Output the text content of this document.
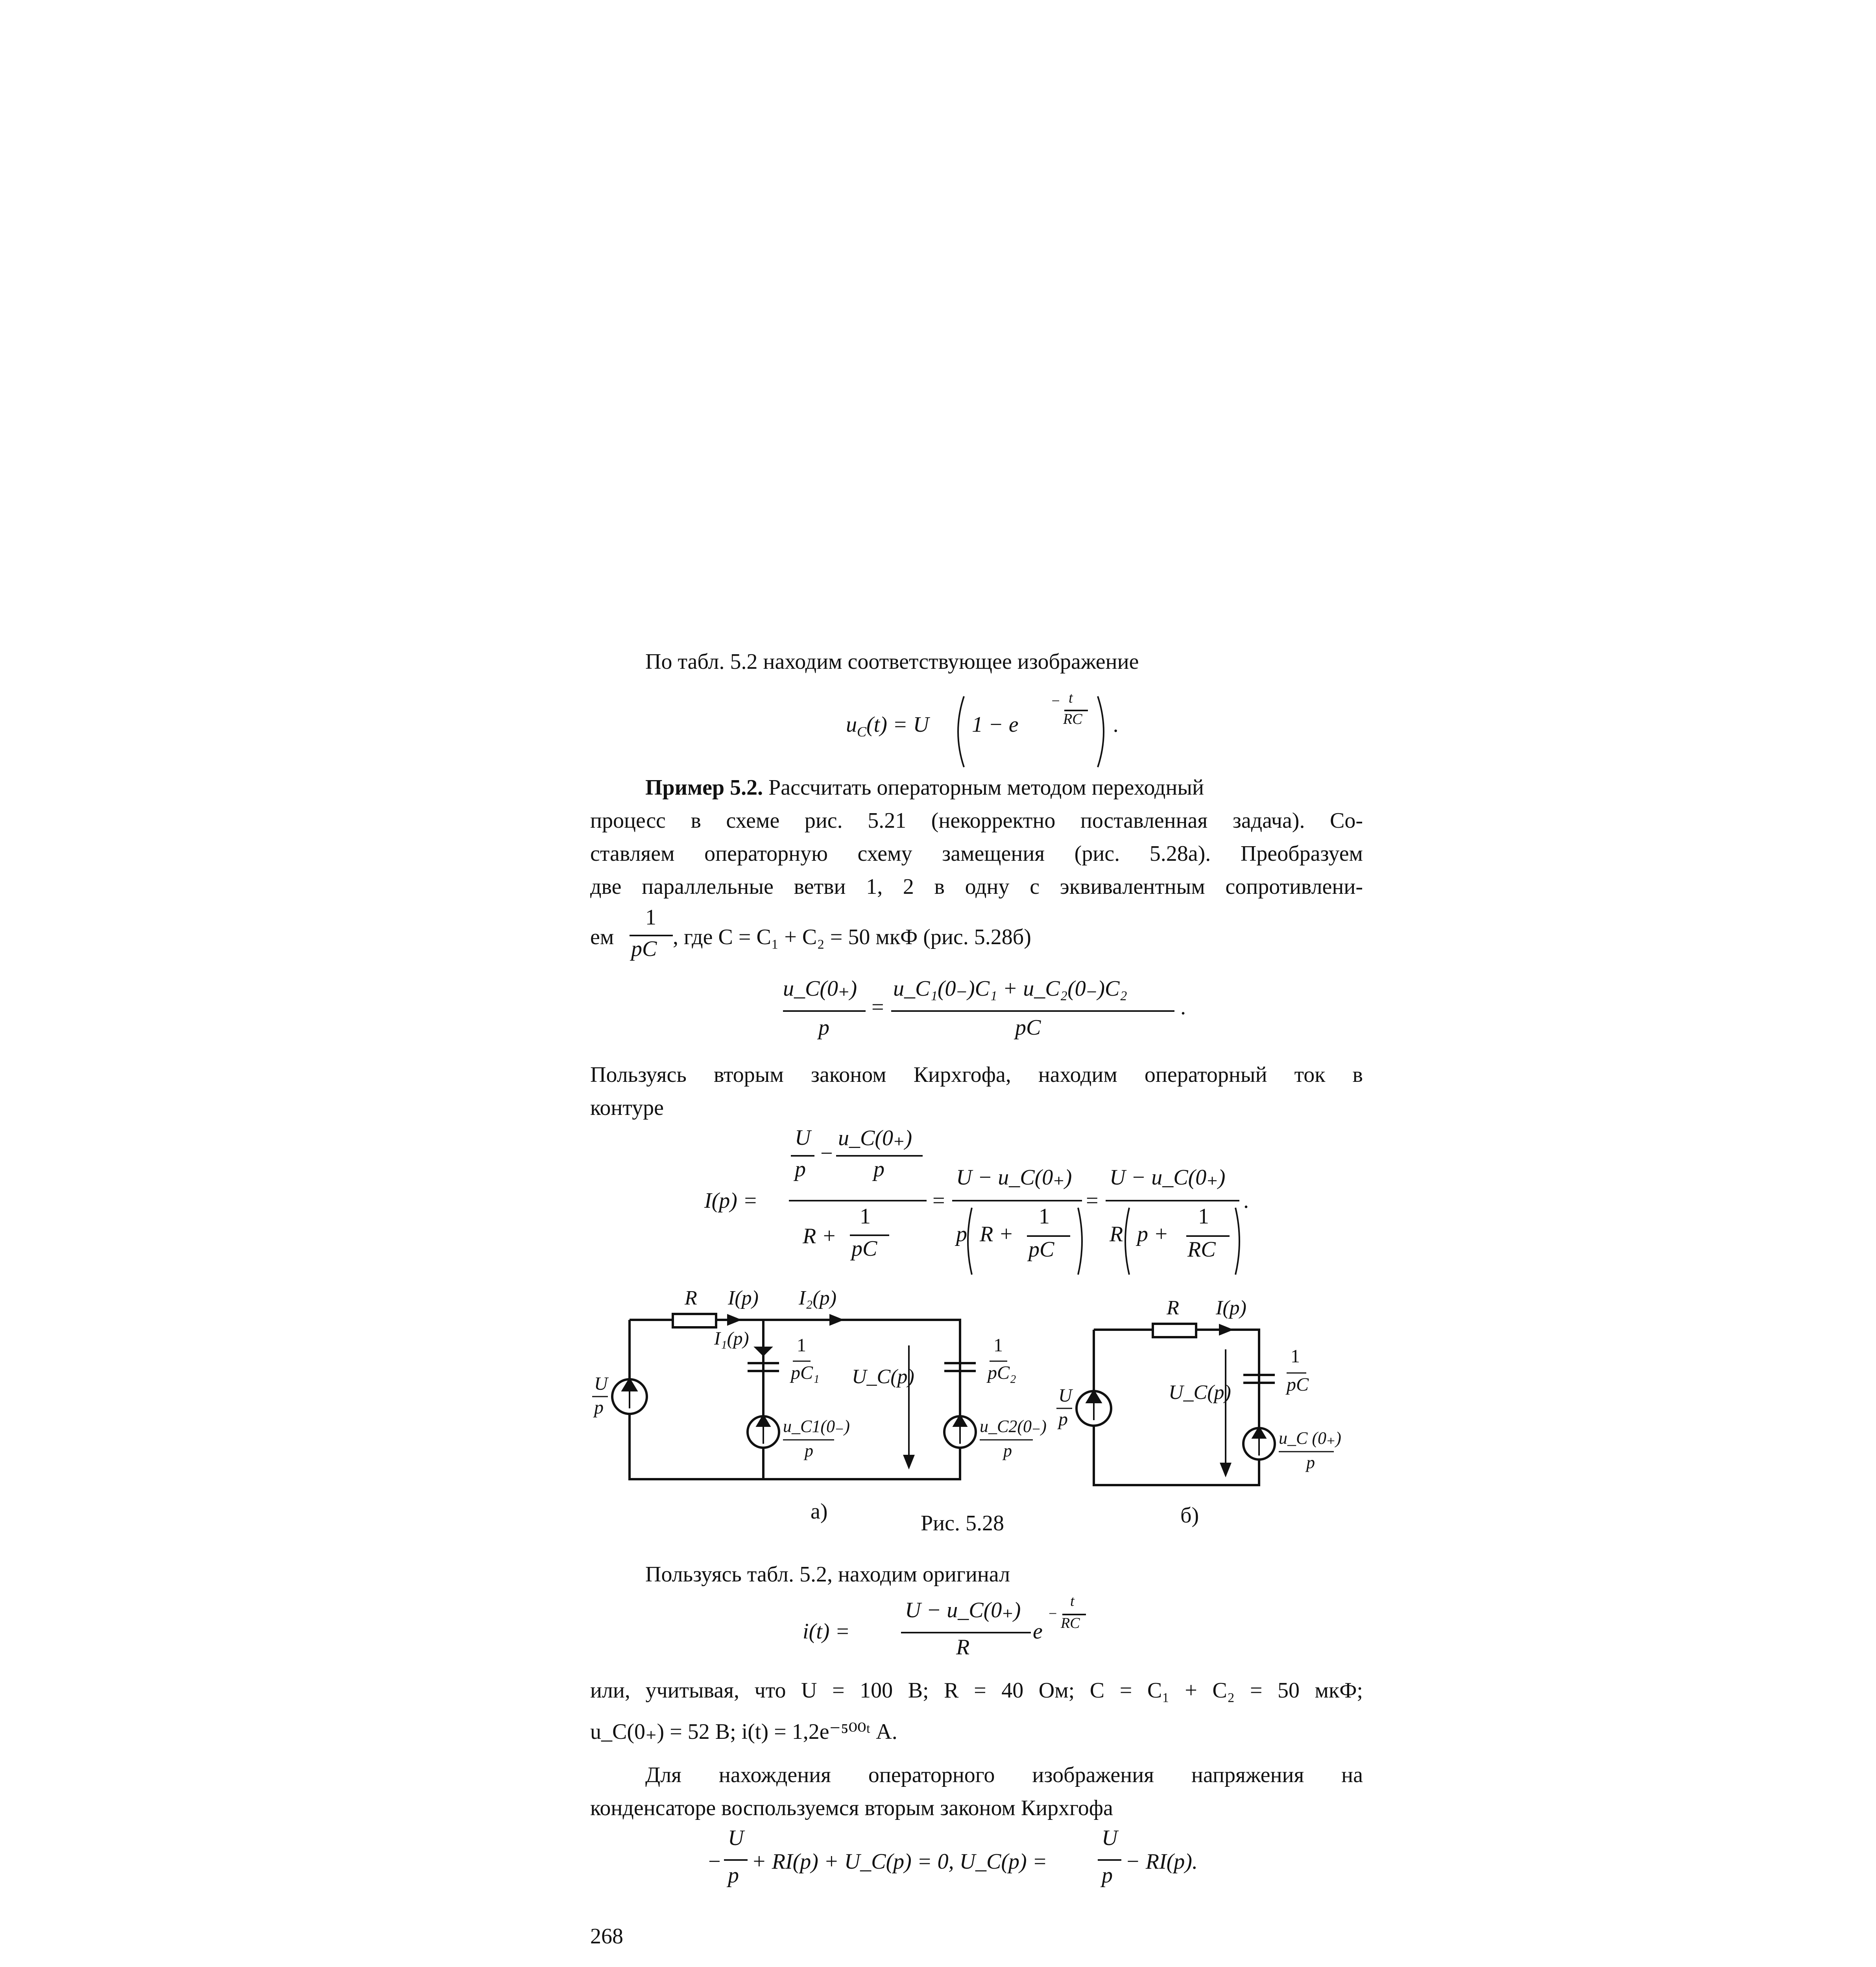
По табл. 5.2 находим соответствующее изображение
$u_C(t) = U$ 1 − e
− t
RC .
Пример 5.2. Рассчитать операторным методом переходный
процесс в схеме рис. 5.21 (некорректно поставленная задача). Со-
ставляем операторную схему замещения (рис. 5.28а). Преобразуем
две параллельные ветви 1, 2 в одну с эквивалентным сопротивлени-
ем
1
pC , где C = C₁ + C₂ = 50 мкФ (рис. 5.28б)
u_C(0₊)
p
=
u_C₁(0₋)C₁ + u_C₂(0₋)C₂
pC
.
Пользуясь вторым законом Кирхгофа, находим операторный ток в
контуре
I(p) =
U
p
−
u_C(0₊)
p
R +
1
pC
=
U − u_C(0₊)
p R +
1
pC
=
U − u_C(0₊)
R p +
1
RC
.
R I(p) I₂(p)
I₁(p)	1
pC₁ U_C(p)
1
pC₂
U
p
u_C1(0₋)
p
u_C2(0₋)
p
R I(p)
1
pC
U_C(p)
U
p
u_C (0₊)
p
а)	Рис. 5.28	б)
Пользуясь табл. 5.2, находим оригинал
i(t) =
U − u_C(0₊)
R
e
−
t
RC
или, учитывая, что U = 100 В; R = 40 Ом; C = C₁ + C₂ = 50 мкФ;
u_C(0₊) = 52 В; i(t) = 1,2e⁻⁵⁰⁰ᵗ А.
Для нахождения операторного изображения напряжения на
конденсаторе воспользуемся вторым законом Кирхгофа
−
U
p
+ RI(p) + U_C(p) = 0, U_C(p) =
U
p
− RI(p).
268
